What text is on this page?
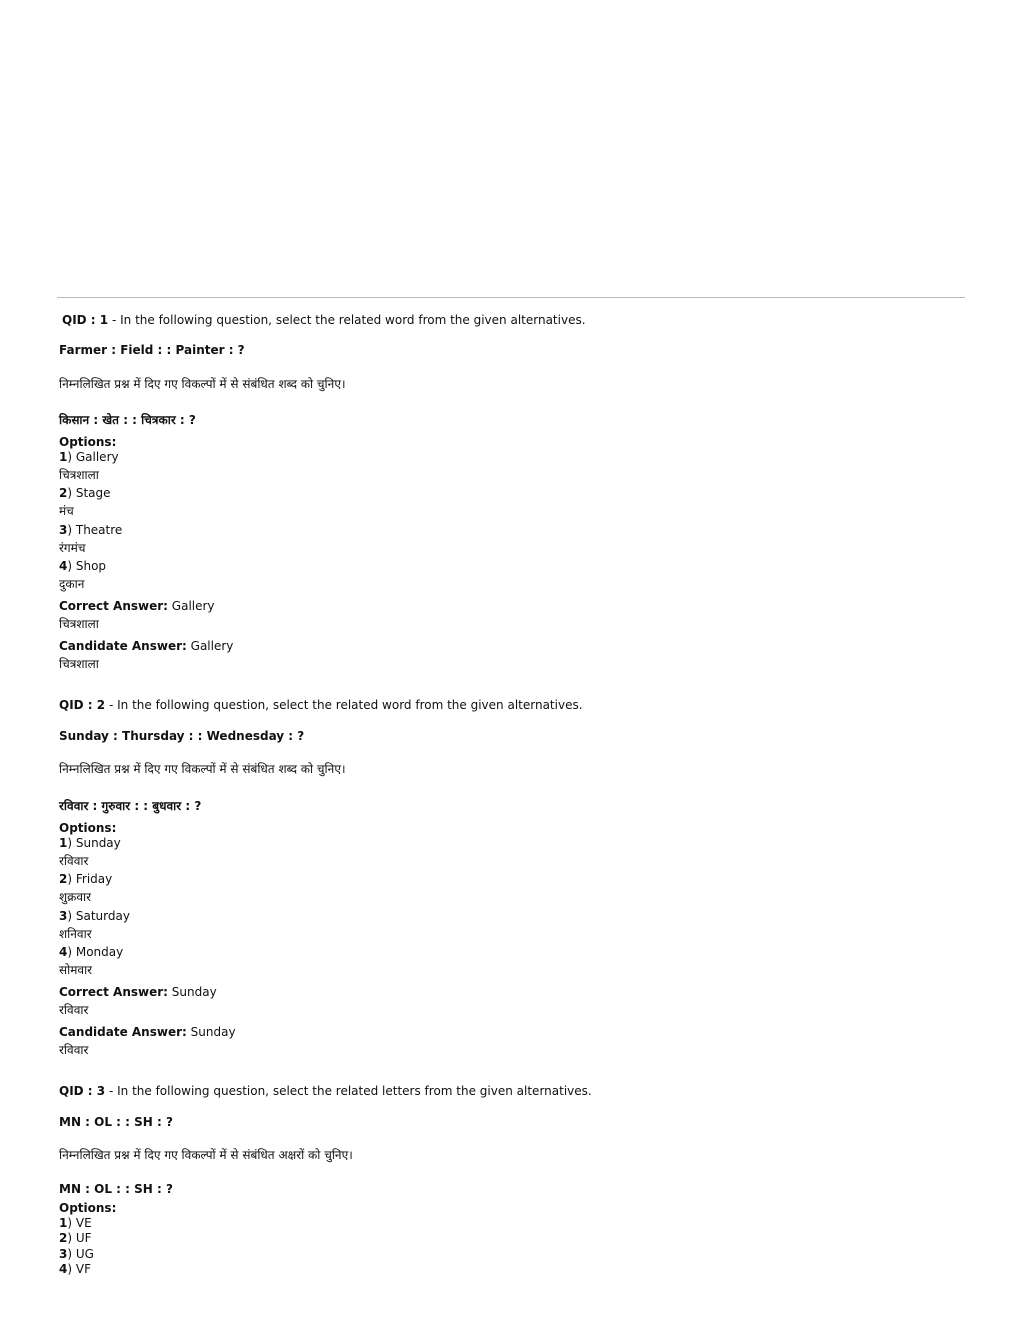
QID : 1 - In the following question, select the related word from the given alternatives.
Farmer : Field : : Painter : ?
निम्नलिखित प्रश्न में दिए गए विकल्पों में से संबंधित शब्द को चुनिए।
किसान : खेत : : चित्रकार : ?
Options:
1) Gallery
चित्रशाला
2) Stage
मंच
3) Theatre
रंगमंच
4) Shop
दुकान
Correct Answer: Gallery
चित्रशाला
Candidate Answer: Gallery
चित्रशाला
QID : 2 - In the following question, select the related word from the given alternatives.
Sunday : Thursday : : Wednesday : ?
निम्नलिखित प्रश्न में दिए गए विकल्पों में से संबंधित शब्द को चुनिए।
रविवार : गुरुवार : : बुधवार : ?
Options:
1) Sunday
रविवार
2) Friday
शुक्रवार
3) Saturday
शनिवार
4) Monday
सोमवार
Correct Answer: Sunday
रविवार
Candidate Answer: Sunday
रविवार
QID : 3 - In the following question, select the related letters from the given alternatives.
MN : OL : : SH : ?
निम्नलिखित प्रश्न में दिए गए विकल्पों में से संबंधित अक्षरों को चुनिए।
MN : OL : : SH : ?
Options:
1) VE
2) UF
3) UG
4) VF
